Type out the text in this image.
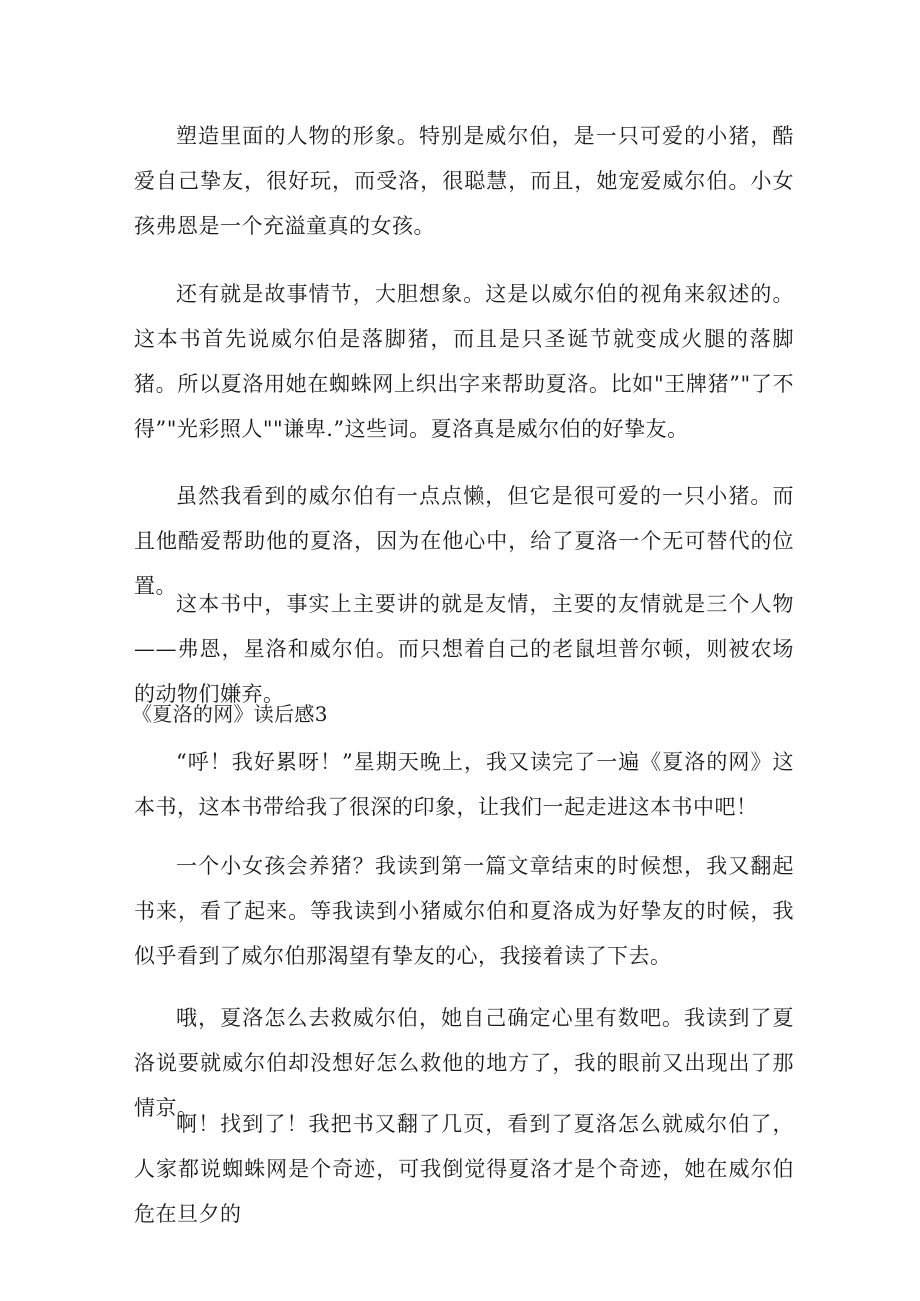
塑造里面的人物的形象。特别是威尔伯，是一只可爱的小猪，酷爱自己挚友，很好玩，而受洛，很聪慧，而且，她宠爱威尔伯。小女孩弗恩是一个充溢童真的女孩。

还有就是故事情节，大胆想象。这是以威尔伯的视角来叙述的。这本书首先说威尔伯是落脚猪，而且是只圣诞节就变成火腿的落脚猪。所以夏洛用她在蜘蛛网上织出字来帮助夏洛。比如"王牌猪”"了不得”"光彩照人""谦卑.”这些词。夏洛真是威尔伯的好挚友。

虽然我看到的威尔伯有一点点懒，但它是很可爱的一只小猪。而且他酷爱帮助他的夏洛，因为在他心中，给了夏洛一个无可替代的位置。

这本书中，事实上主要讲的就是友情，主要的友情就是三个人物——弗恩，星洛和威尔伯。而只想着自己的老鼠坦普尔顿，则被农场的动物们嫌弃。

《夏洛的网》读后感3

“呼！我好累呀！”星期天晚上，我又读完了一遍《夏洛的网》这本书，这本书带给我了很深的印象，让我们一起走进这本书中吧！

一个小女孩会养猪？我读到第一篇文章结束的时候想，我又翻起书来，看了起来。等我读到小猪威尔伯和夏洛成为好挚友的时候，我似乎看到了威尔伯那渴望有挚友的心，我接着读了下去。

哦，夏洛怎么去救威尔伯，她自己确定心里有数吧。我读到了夏洛说要就威尔伯却没想好怎么救他的地方了，我的眼前又出现出了那情京。

啊！找到了！我把书又翻了几页，看到了夏洛怎么就威尔伯了，人家都说蜘蛛网是个奇迹，可我倒觉得夏洛才是个奇迹，她在威尔伯危在旦夕的
